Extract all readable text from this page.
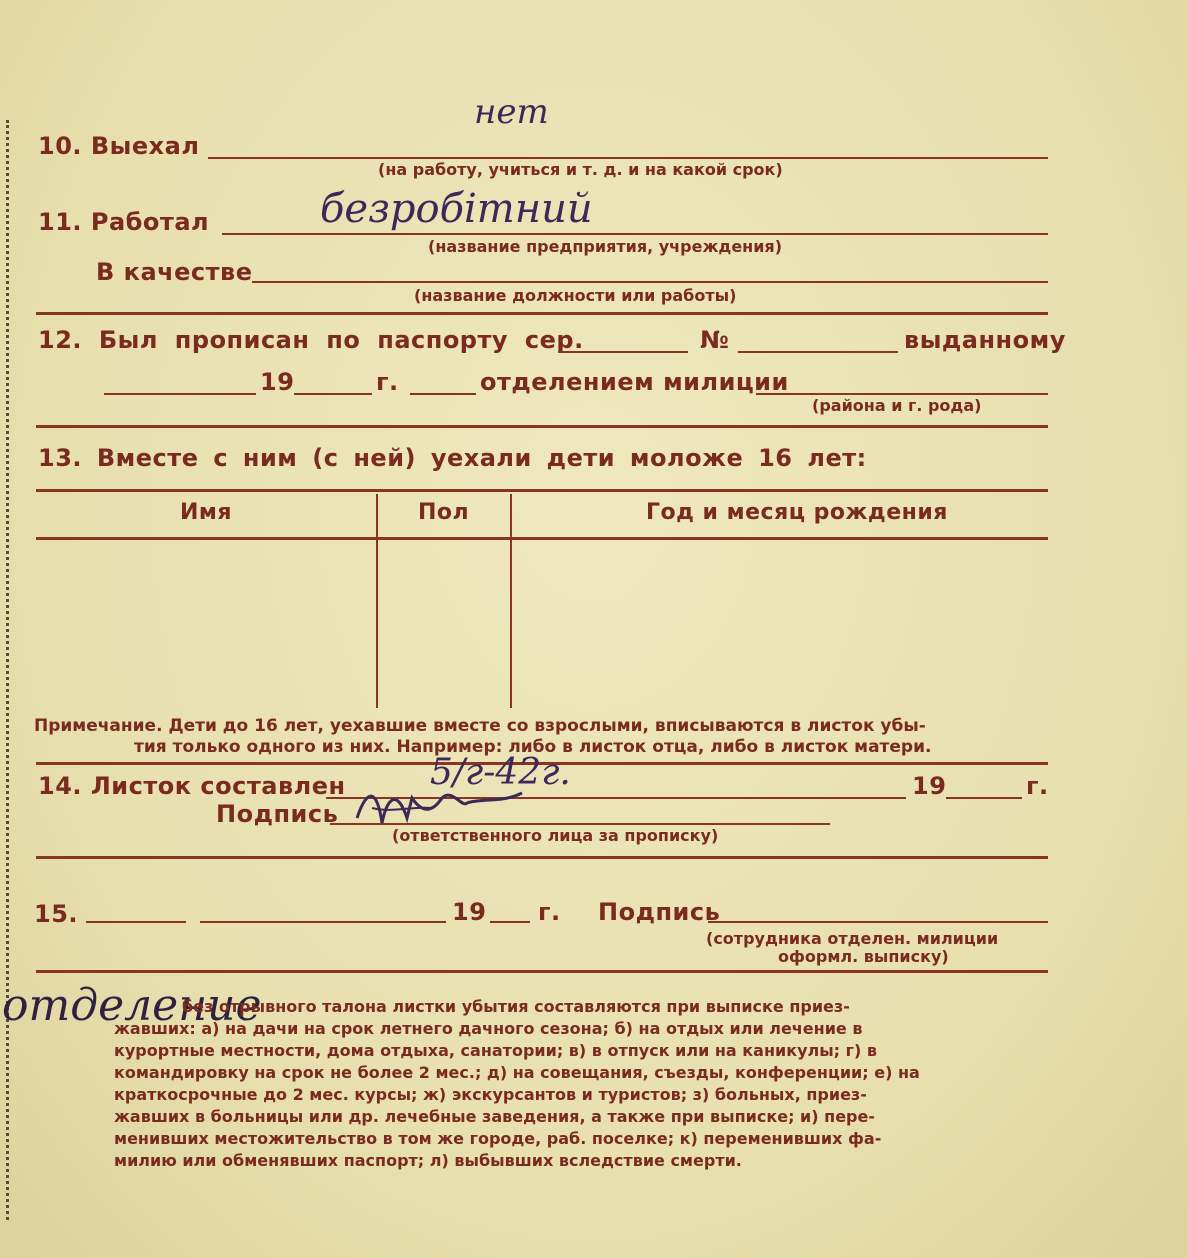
10. Выехал
нет
(на работу, учиться и т. д. и на какой срок)
11. Работал	безробітний
(название предприятия, учреждения)
В качестве
(название должности или работы)
12. Был прописан по паспорту сер.	№	выданному
19	г.	отделением милиции
(района и г. рода)
13. Вместе с ним (с ней) уехали дети моложе 16 лет:
Имя	Пол	Год и месяц рождения
Примечание. Дети до 16 лет, уехавшие вместе со взрослыми, вписываются в листок убы-
тия только одного из них. Например: либо в листок отца, либо в листок матери.
14. Листок составлен 5/г-42г.	19	г.
Подпись
(ответственного лица за прописку)
15.	19 г. Подпись
(сотрудника отделен. милиции
оформл. выписку)
отделение
без отрывного талона листки убытия составляются при выписке приез-
жавших: а) на дачи на срок летнего дачного сезона; б) на отдых или лечение в
курортные местности, дома отдыха, санатории; в) в отпуск или на каникулы; г) в
командировку на срок не более 2 мес.; д) на совещания, съезды, конференции; е) на
краткосрочные до 2 мес. курсы; ж) экскурсантов и туристов; з) больных, приез-
жавших в больницы или др. лечебные заведения, а также при выписке; и) пере-
менивших местожительство в том же городе, раб. поселке; к) переменивших фа-
милию или обменявших паспорт; л) выбывших вследствие смерти.
